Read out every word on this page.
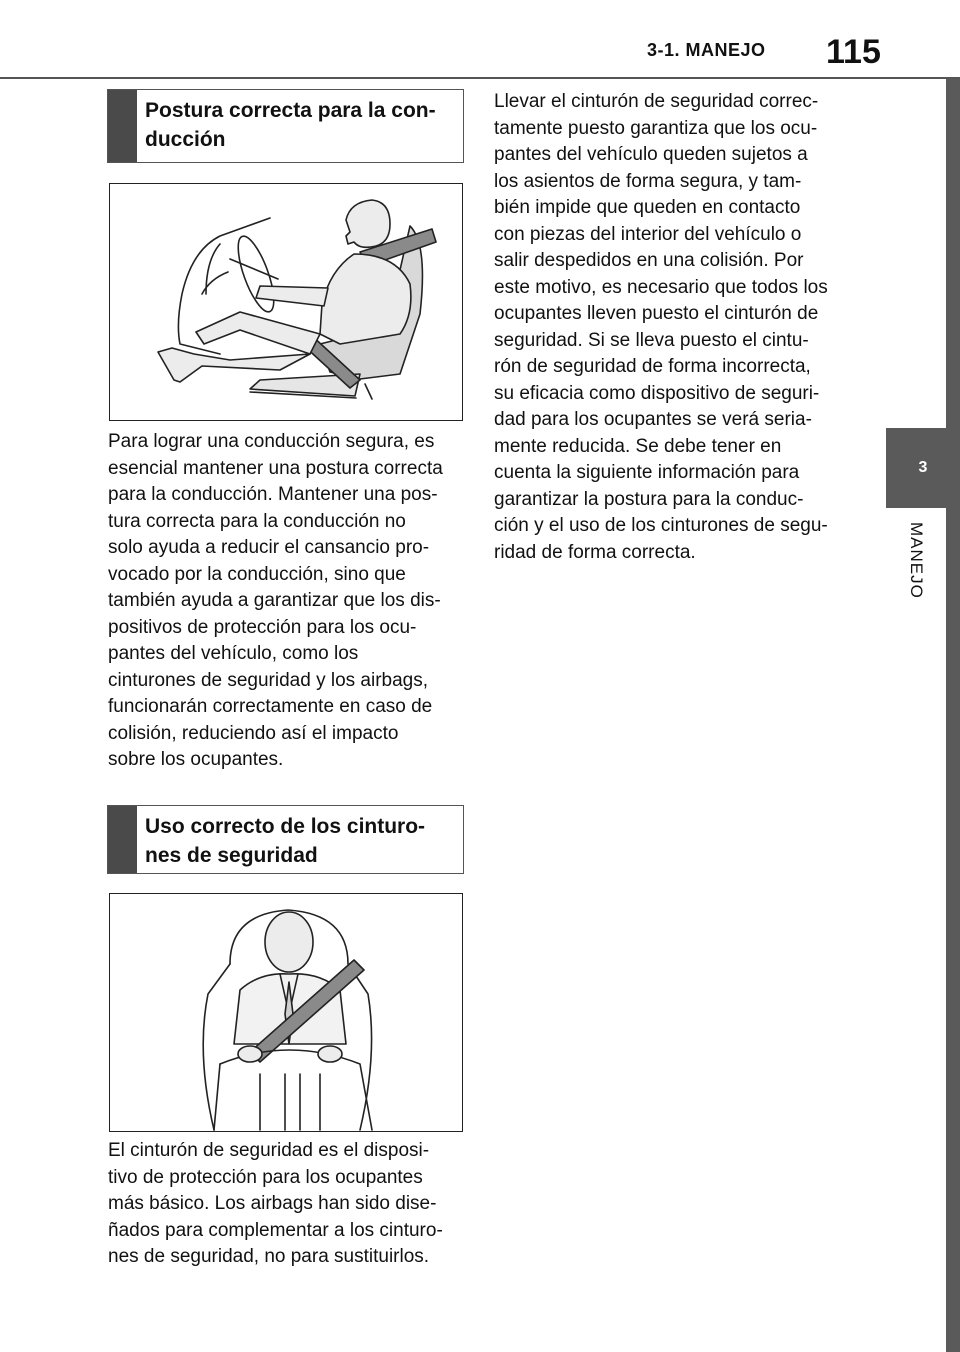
3-1. MANEJO 115
3
MANEJO
Postura correcta para la con-
ducción

Para lograr una conducción segura, es
esencial mantener una postura correcta
para la conducción. Mantener una pos-
tura correcta para la conducción no
solo ayuda a reducir el cansancio pro-
vocado por la conducción, sino que
también ayuda a garantizar que los dis-
positivos de protección para los ocu-
pantes del vehículo, como los
cinturones de seguridad y los airbags,
funcionarán correctamente en caso de
colisión, reduciendo así el impacto
sobre los ocupantes.

Uso correcto de los cinturo-
nes de seguridad

El cinturón de seguridad es el disposi-
tivo de protección para los ocupantes
más básico. Los airbags han sido dise-
ñados para complementar a los cinturo-
nes de seguridad, no para sustituirlos.

Llevar el cinturón de seguridad correc-
tamente puesto garantiza que los ocu-
pantes del vehículo queden sujetos a
los asientos de forma segura, y tam-
bién impide que queden en contacto
con piezas del interior del vehículo o
salir despedidos en una colisión. Por
este motivo, es necesario que todos los
ocupantes lleven puesto el cinturón de
seguridad. Si se lleva puesto el cintu-
rón de seguridad de forma incorrecta,
su eficacia como dispositivo de seguri-
dad para los ocupantes se verá seria-
mente reducida. Se debe tener en
cuenta la siguiente información para
garantizar la postura para la conduc-
ción y el uso de los cinturones de segu-
ridad de forma correcta.
